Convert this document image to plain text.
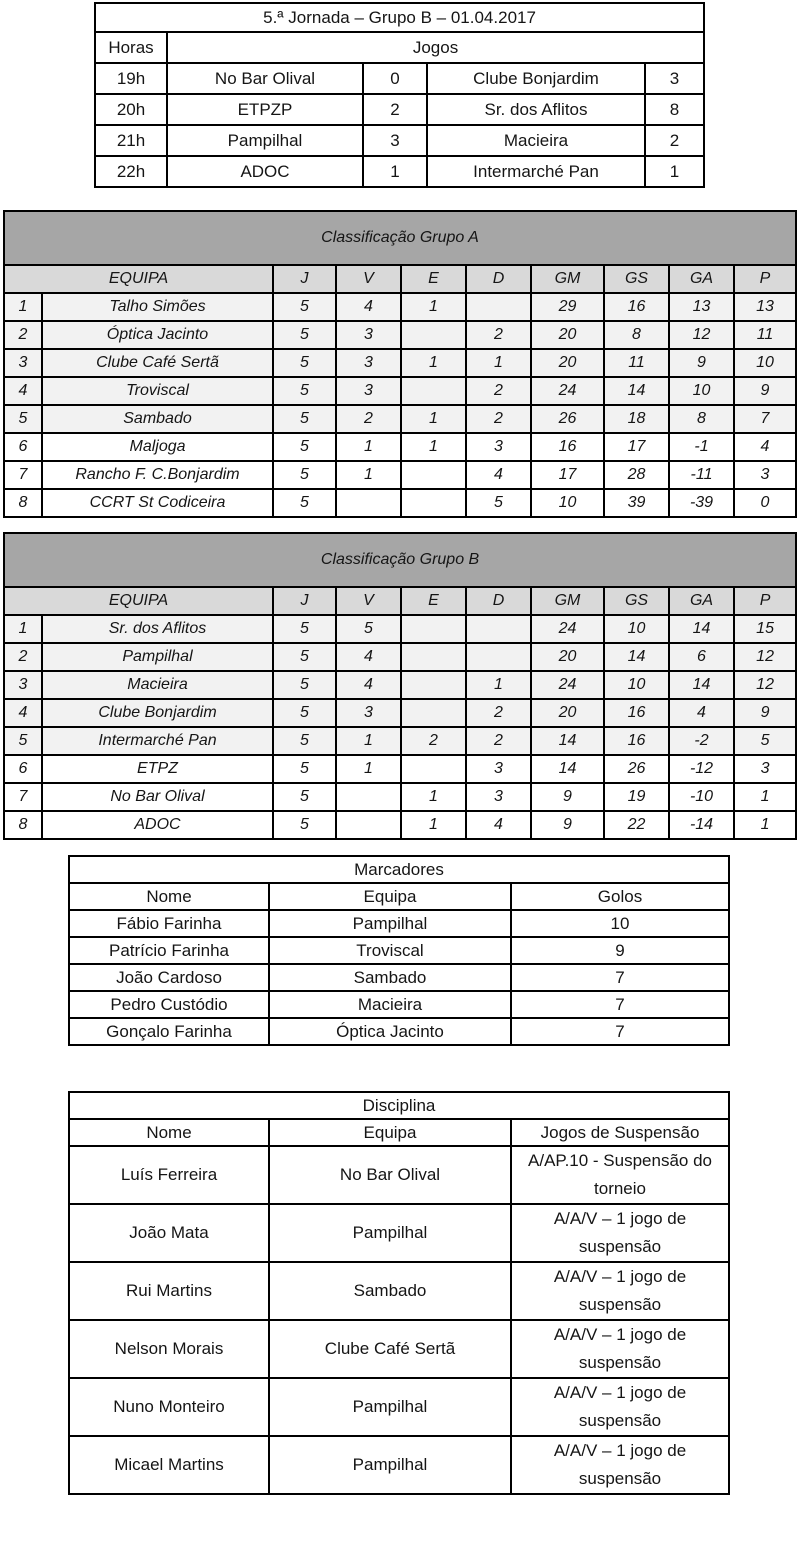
5.ª Jornada – Grupo B – 01.04.2017				
Horas	Jogos			
19h	No Bar Olival	0	Clube Bonjardim	3
20h	ETPZP	2	Sr. dos Aflitos	8
21h	Pampilhal	3	Macieira	2
22h	ADOC	1	Intermarché Pan	1
Classificação Grupo A									
EQUIPA		J	V	E	D	GM	GS	GA	P
1	Talho Simões	5	4	1		29	16	13	13
2	Óptica Jacinto	5	3		2	20	8	12	11
3	Clube Café Sertã	5	3	1	1	20	11	9	10
4	Troviscal	5	3		2	24	14	10	9
5	Sambado	5	2	1	2	26	18	8	7
6	Maljoga	5	1	1	3	16	17	-1	4
7	Rancho F. C.Bonjardim	5	1		4	17	28	-11	3
8	CCRT St Codiceira	5			5	10	39	-39	0
Classificação Grupo B									
EQUIPA		J	V	E	D	GM	GS	GA	P
1	Sr. dos Aflitos	5	5			24	10	14	15
2	Pampilhal	5	4			20	14	6	12
3	Macieira	5	4		1	24	10	14	12
4	Clube Bonjardim	5	3		2	20	16	4	9
5	Intermarché Pan	5	1	2	2	14	16	-2	5
6	ETPZ	5	1		3	14	26	-12	3
7	No Bar Olival	5		1	3	9	19	-10	1
8	ADOC	5		1	4	9	22	-14	1
Marcadores		
Nome	Equipa	Golos
Fábio Farinha	Pampilhal	10
Patrício Farinha	Troviscal	9
João Cardoso	Sambado	7
Pedro Custódio	Macieira	7
Gonçalo Farinha	Óptica Jacinto	7
Disciplina		
Nome	Equipa	Jogos de Suspensão
Luís Ferreira	No Bar Olival	A/AP.10 - Suspensão do torneio
João Mata	Pampilhal	A/A/V – 1 jogo de suspensão
Rui Martins	Sambado	A/A/V – 1 jogo de suspensão
Nelson Morais	Clube Café Sertã	A/A/V – 1 jogo de suspensão
Nuno Monteiro	Pampilhal	A/A/V – 1 jogo de suspensão
Micael Martins	Pampilhal	A/A/V – 1 jogo de suspensão
